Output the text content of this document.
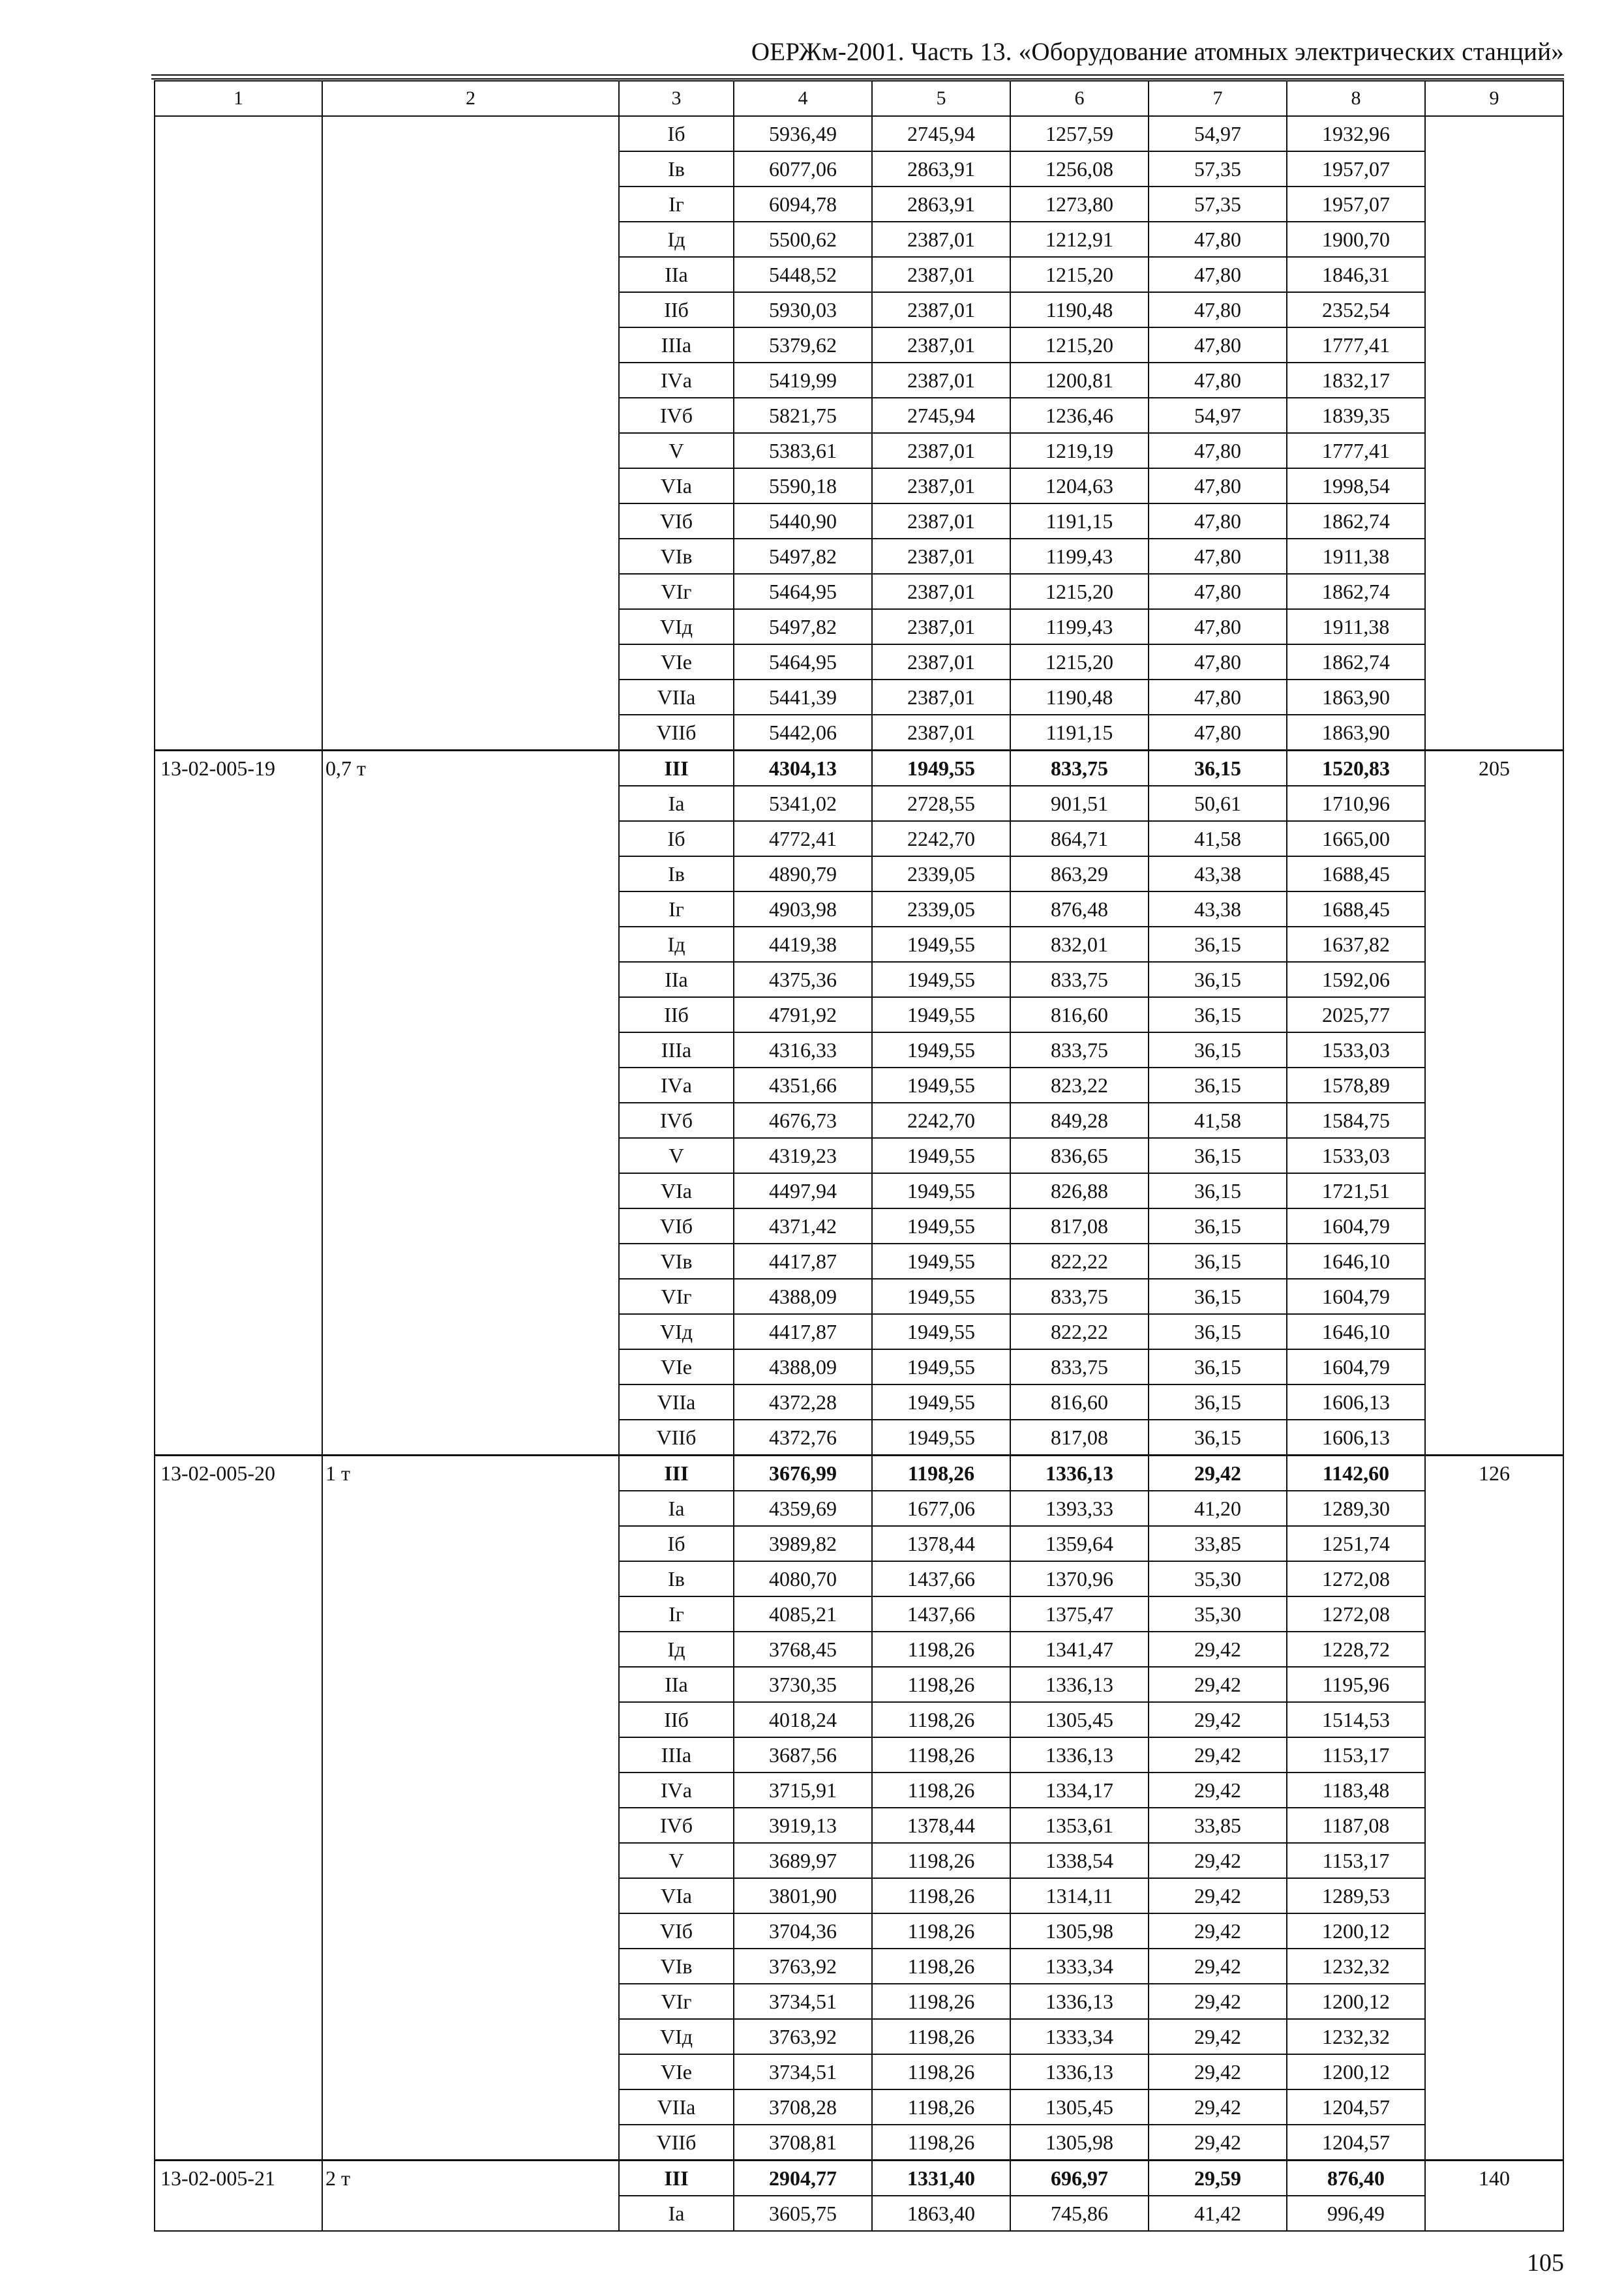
ОЕРЖм-2001. Часть 13. «Оборудование атомных электрических станций»
1	2	3	4	5	6	7	8	9
		Iб	5936,49	2745,94	1257,59	54,97	1932,96	
		Iв	6077,06	2863,91	1256,08	57,35	1957,07	
		Iг	6094,78	2863,91	1273,80	57,35	1957,07	
		Iд	5500,62	2387,01	1212,91	47,80	1900,70	
		IIа	5448,52	2387,01	1215,20	47,80	1846,31	
		IIб	5930,03	2387,01	1190,48	47,80	2352,54	
		IIIа	5379,62	2387,01	1215,20	47,80	1777,41	
		IVа	5419,99	2387,01	1200,81	47,80	1832,17	
		IVб	5821,75	2745,94	1236,46	54,97	1839,35	
		V	5383,61	2387,01	1219,19	47,80	1777,41	
		VIа	5590,18	2387,01	1204,63	47,80	1998,54	
		VIб	5440,90	2387,01	1191,15	47,80	1862,74	
		VIв	5497,82	2387,01	1199,43	47,80	1911,38	
		VIг	5464,95	2387,01	1215,20	47,80	1862,74	
		VIд	5497,82	2387,01	1199,43	47,80	1911,38	
		VIе	5464,95	2387,01	1215,20	47,80	1862,74	
		VIIа	5441,39	2387,01	1190,48	47,80	1863,90	
		VIIб	5442,06	2387,01	1191,15	47,80	1863,90	
13-02-005-19	0,7 т	III	4304,13	1949,55	833,75	36,15	1520,83	205
		Iа	5341,02	2728,55	901,51	50,61	1710,96	
		Iб	4772,41	2242,70	864,71	41,58	1665,00	
		Iв	4890,79	2339,05	863,29	43,38	1688,45	
		Iг	4903,98	2339,05	876,48	43,38	1688,45	
		Iд	4419,38	1949,55	832,01	36,15	1637,82	
		IIа	4375,36	1949,55	833,75	36,15	1592,06	
		IIб	4791,92	1949,55	816,60	36,15	2025,77	
		IIIа	4316,33	1949,55	833,75	36,15	1533,03	
		IVа	4351,66	1949,55	823,22	36,15	1578,89	
		IVб	4676,73	2242,70	849,28	41,58	1584,75	
		V	4319,23	1949,55	836,65	36,15	1533,03	
		VIа	4497,94	1949,55	826,88	36,15	1721,51	
		VIб	4371,42	1949,55	817,08	36,15	1604,79	
		VIв	4417,87	1949,55	822,22	36,15	1646,10	
		VIг	4388,09	1949,55	833,75	36,15	1604,79	
		VIд	4417,87	1949,55	822,22	36,15	1646,10	
		VIе	4388,09	1949,55	833,75	36,15	1604,79	
		VIIа	4372,28	1949,55	816,60	36,15	1606,13	
		VIIб	4372,76	1949,55	817,08	36,15	1606,13	
13-02-005-20	1 т	III	3676,99	1198,26	1336,13	29,42	1142,60	126
		Iа	4359,69	1677,06	1393,33	41,20	1289,30	
		Iб	3989,82	1378,44	1359,64	33,85	1251,74	
		Iв	4080,70	1437,66	1370,96	35,30	1272,08	
		Iг	4085,21	1437,66	1375,47	35,30	1272,08	
		Iд	3768,45	1198,26	1341,47	29,42	1228,72	
		IIа	3730,35	1198,26	1336,13	29,42	1195,96	
		IIб	4018,24	1198,26	1305,45	29,42	1514,53	
		IIIа	3687,56	1198,26	1336,13	29,42	1153,17	
		IVа	3715,91	1198,26	1334,17	29,42	1183,48	
		IVб	3919,13	1378,44	1353,61	33,85	1187,08	
		V	3689,97	1198,26	1338,54	29,42	1153,17	
		VIа	3801,90	1198,26	1314,11	29,42	1289,53	
		VIб	3704,36	1198,26	1305,98	29,42	1200,12	
		VIв	3763,92	1198,26	1333,34	29,42	1232,32	
		VIг	3734,51	1198,26	1336,13	29,42	1200,12	
		VIд	3763,92	1198,26	1333,34	29,42	1232,32	
		VIе	3734,51	1198,26	1336,13	29,42	1200,12	
		VIIа	3708,28	1198,26	1305,45	29,42	1204,57	
		VIIб	3708,81	1198,26	1305,98	29,42	1204,57	
13-02-005-21	2 т	III	2904,77	1331,40	696,97	29,59	876,40	140
		Iа	3605,75	1863,40	745,86	41,42	996,49	
105
